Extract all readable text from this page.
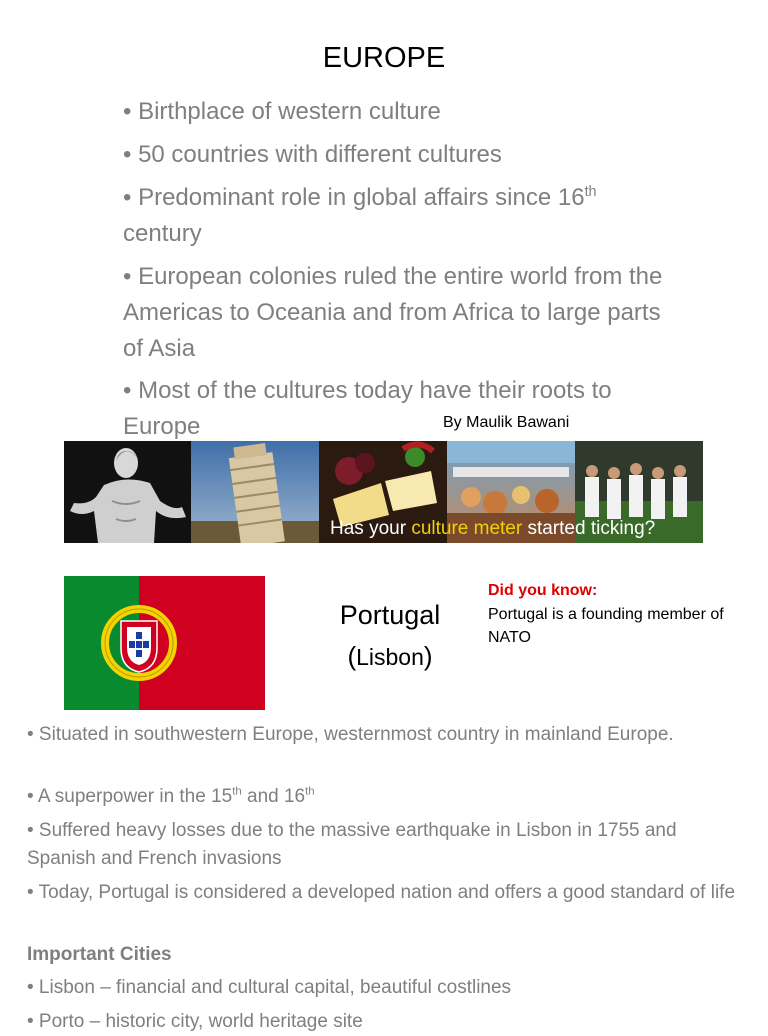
EUROPE

• Birthplace of western culture

• 50 countries with different cultures

• Predominant role in global affairs since 16th century

• European colonies ruled the entire world from the Americas to Oceania and from Africa to large parts of Asia

• Most of the cultures today have their roots to Europe	By Maulik Bawani
Has your culture meter started ticking?
Portugal
(Lisbon)
Did you know:

Portugal is a founding member of NATO

• Situated in southwestern Europe, westernmost country in mainland Europe.

• A superpower in the 15th and 16th

• Suffered heavy losses due to the massive earthquake in Lisbon in 1755 and Spanish and French invasions

• Today, Portugal is considered a developed nation and offers a good standard of life

Important Cities

• Lisbon – financial and cultural capital, beautiful costlines

• Porto – historic city, world heritage site
